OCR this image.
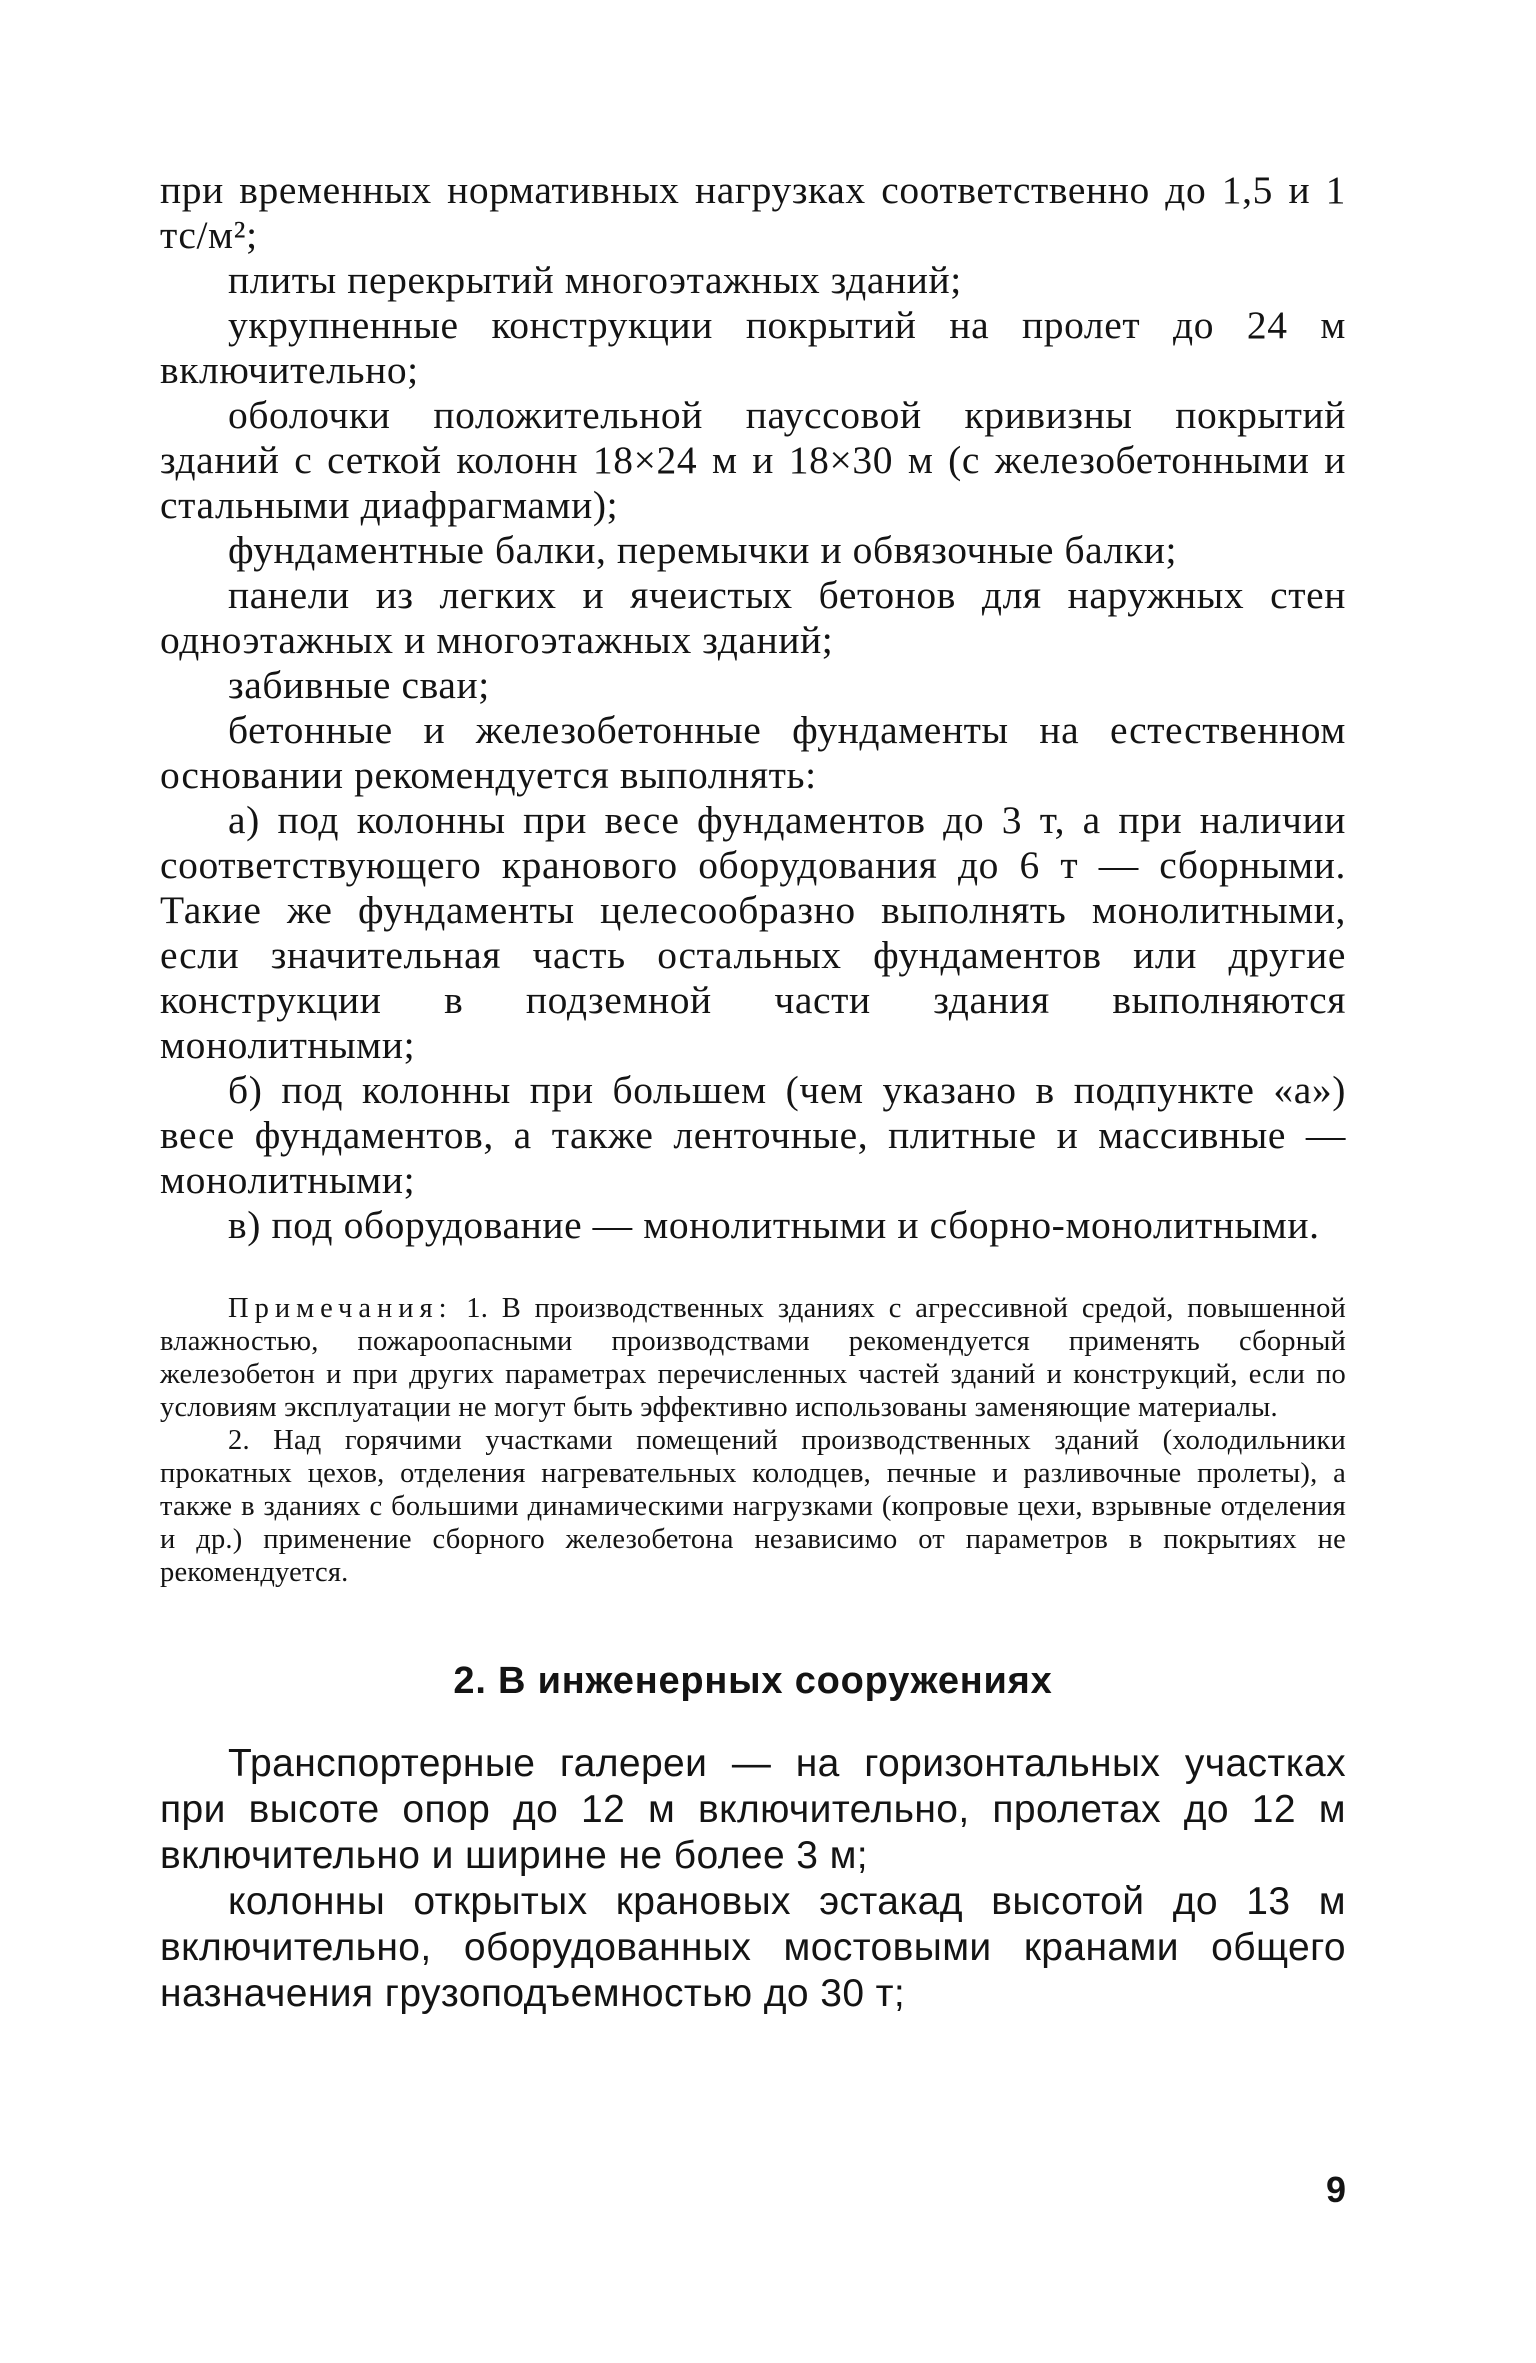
при временных нормативных нагрузках соответственно до 1,5 и 1 тс/м²;

плиты перекрытий многоэтажных зданий;

укрупненные конструкции покрытий на пролет до 24 м включительно;

оболочки положительной пауссовой кривизны покрытий зданий с сеткой колонн 18×24 м и 18×30 м (с железобетонными и стальными диафрагмами);

фундаментные балки, перемычки и обвязочные балки;

панели из легких и ячеистых бетонов для наружных стен одноэтажных и многоэтажных зданий;

забивные сваи;

бетонные и железобетонные фундаменты на естественном основании рекомендуется выполнять:

а) под колонны при весе фундаментов до 3 т, а при наличии соответствующего кранового оборудования до 6 т — сборными. Такие же фундаменты целесообразно выполнять монолитными, если значительная часть остальных фундаментов или другие конструкции в подземной части здания выполняются монолитными;

б) под колонны при большем (чем указано в подпункте «а») весе фундаментов, а также ленточные, плитные и массивные — монолитными;

в) под оборудование — монолитными и сборно-монолитными.

Примечания: 1. В производственных зданиях с агрессивной средой, повышенной влажностью, пожароопасными производствами рекомендуется применять сборный железобетон и при других параметрах перечисленных частей зданий и конструкций, если по условиям эксплуатации не могут быть эффективно использованы заменяющие материалы.

2. Над горячими участками помещений производственных зданий (холодильники прокатных цехов, отделения нагревательных колодцев, печные и разливочные пролеты), а также в зданиях с большими динамическими нагрузками (копровые цехи, взрывные отделения и др.) применение сборного железобетона независимо от параметров в покрытиях не рекомендуется.

2. В инженерных сооружениях

Транспортерные галереи — на горизонтальных участках при высоте опор до 12 м включительно, пролетах до 12 м включительно и ширине не более 3 м;

колонны открытых крановых эстакад высотой до 13 м включительно, оборудованных мостовыми кранами общего назначения грузоподъемностью до 30 т;

9
